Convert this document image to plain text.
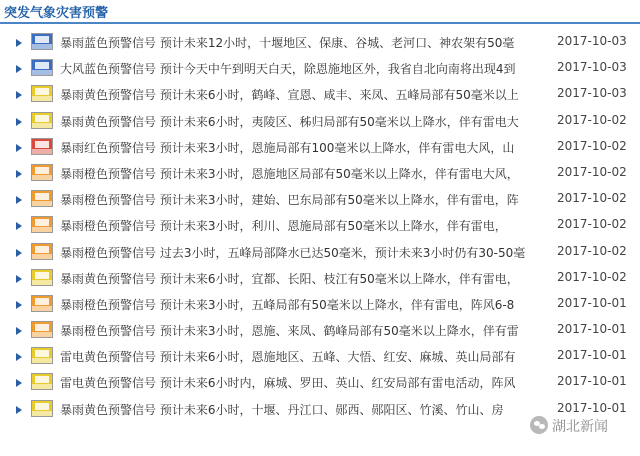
突发气象灾害预警
暴雨蓝色预警信号 预计未来12小时，十堰地区、保康、谷城、老河口、神农架有50毫	2017-10-03
大风蓝色预警信号 预计今天中午到明天白天，除恩施地区外，我省自北向南将出现4到	2017-10-03
暴雨黄色预警信号 预计未来6小时，鹤峰、宣恩、咸丰、来凤、五峰局部有50毫米以上	2017-10-03
暴雨黄色预警信号 预计未来6小时，夷陵区、秭归局部有50毫米以上降水，伴有雷电大	2017-10-02
暴雨红色预警信号 预计未来3小时，恩施局部有100毫米以上降水，伴有雷电大风，山	2017-10-02
暴雨橙色预警信号 预计未来3小时，恩施地区局部有50毫米以上降水，伴有雷电大风，	2017-10-02
暴雨橙色预警信号 预计未来3小时，建始、巴东局部有50毫米以上降水，伴有雷电，阵	2017-10-02
暴雨橙色预警信号 预计未来3小时，利川、恩施局部有50毫米以上降水，伴有雷电，	2017-10-02
暴雨橙色预警信号 过去3小时，五峰局部降水已达50毫米，预计未来3小时仍有30-50毫	2017-10-02
暴雨黄色预警信号 预计未来6小时，宜都、长阳、枝江有50毫米以上降水，伴有雷电，	2017-10-02
暴雨橙色预警信号 预计未来3小时，五峰局部有50毫米以上降水，伴有雷电，阵风6-8	2017-10-01
暴雨橙色预警信号 预计未来3小时，恩施、来凤、鹤峰局部有50毫米以上降水，伴有雷	2017-10-01
雷电黄色预警信号 预计未来6小时，恩施地区、五峰、大悟、红安、麻城、英山局部有	2017-10-01
雷电黄色预警信号 预计未来6小时内，麻城、罗田、英山、红安局部有雷电活动，阵风	2017-10-01
暴雨黄色预警信号 预计未来6小时，十堰、丹江口、郧西、郧阳区、竹溪、竹山、房	2017-10-01
湖北新闻
